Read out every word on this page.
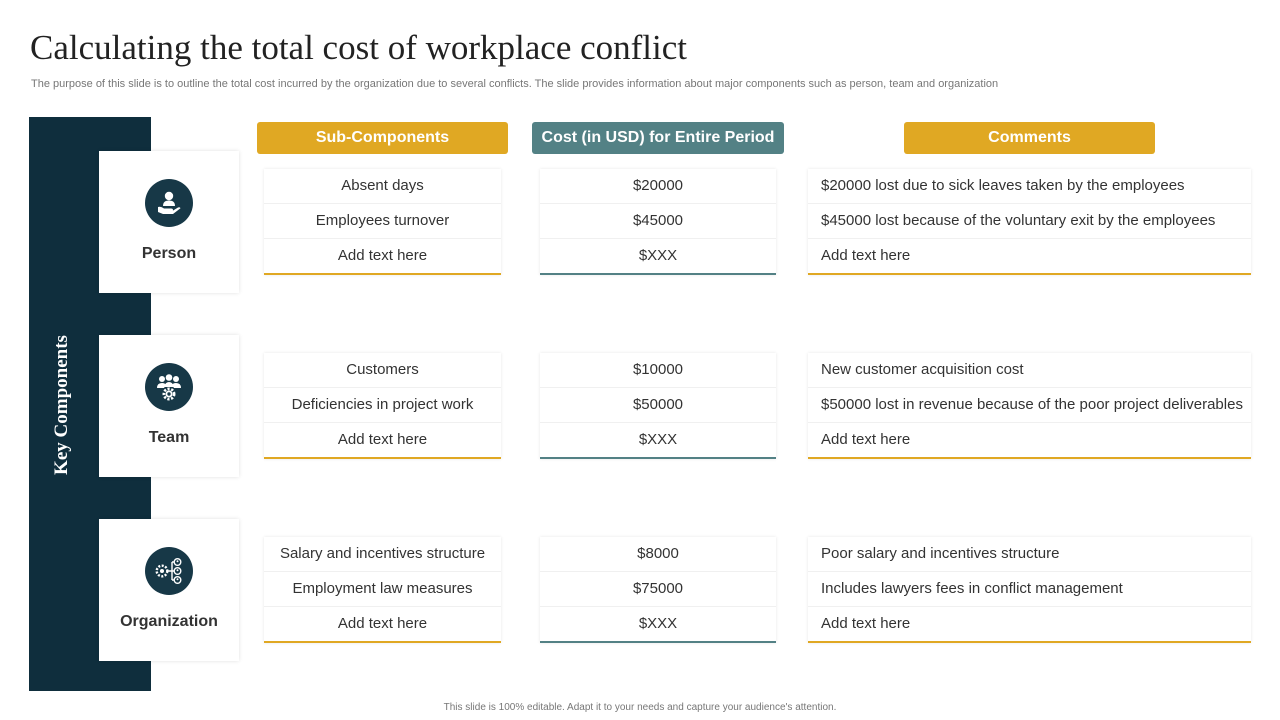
Calculating the total cost of workplace conflict

The purpose of this slide is to outline the total cost incurred by the organization due to several conflicts. The slide provides information about major components such as person, team and organization

Key Components
Person
Team
Organization
Sub-Components	Cost (in USD) for Entire Period	Comments
Absent days
Employees turnover
Add text here
$20000
$45000
$XXX
$20000 lost due to sick leaves taken by the employees
$45000 lost because of the voluntary exit by the employees
Add text here
Customers
Deficiencies in project work
Add text here
$10000
$50000
$XXX
New customer acquisition cost
$50000 lost in revenue because of the poor project deliverables
Add text here
Salary and incentives structure
Employment law measures
Add text here
$8000
$75000
$XXX
Poor salary and incentives structure
Includes lawyers fees in conflict management
Add text here

This slide is 100% editable. Adapt it to your needs and capture your audience's attention.
